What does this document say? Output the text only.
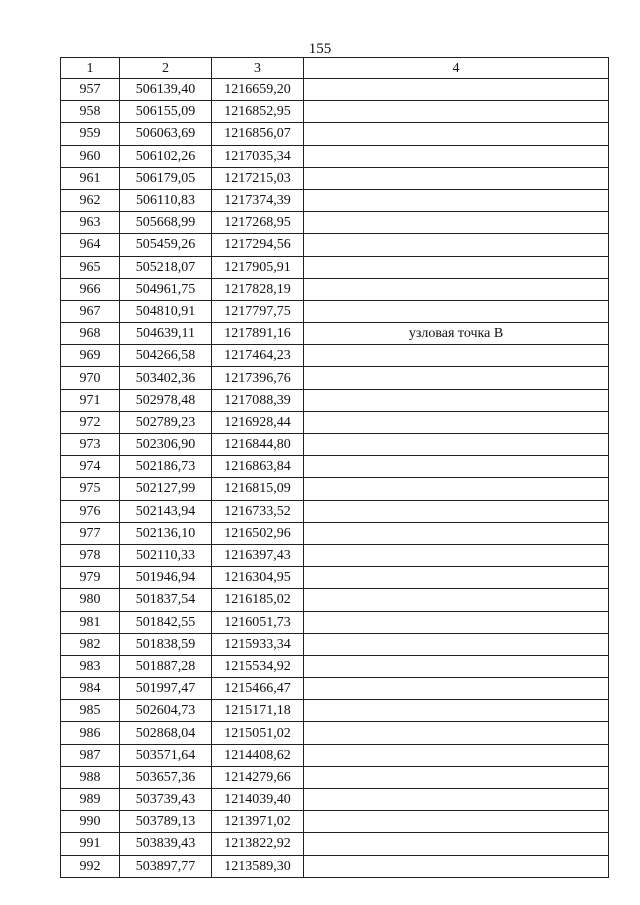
155
1	2	3	4
957	506139,40	1216659,20	
958	506155,09	1216852,95	
959	506063,69	1216856,07	
960	506102,26	1217035,34	
961	506179,05	1217215,03	
962	506110,83	1217374,39	
963	505668,99	1217268,95	
964	505459,26	1217294,56	
965	505218,07	1217905,91	
966	504961,75	1217828,19	
967	504810,91	1217797,75	
968	504639,11	1217891,16	узловая точка В
969	504266,58	1217464,23	
970	503402,36	1217396,76	
971	502978,48	1217088,39	
972	502789,23	1216928,44	
973	502306,90	1216844,80	
974	502186,73	1216863,84	
975	502127,99	1216815,09	
976	502143,94	1216733,52	
977	502136,10	1216502,96	
978	502110,33	1216397,43	
979	501946,94	1216304,95	
980	501837,54	1216185,02	
981	501842,55	1216051,73	
982	501838,59	1215933,34	
983	501887,28	1215534,92	
984	501997,47	1215466,47	
985	502604,73	1215171,18	
986	502868,04	1215051,02	
987	503571,64	1214408,62	
988	503657,36	1214279,66	
989	503739,43	1214039,40	
990	503789,13	1213971,02	
991	503839,43	1213822,92	
992	503897,77	1213589,30	
